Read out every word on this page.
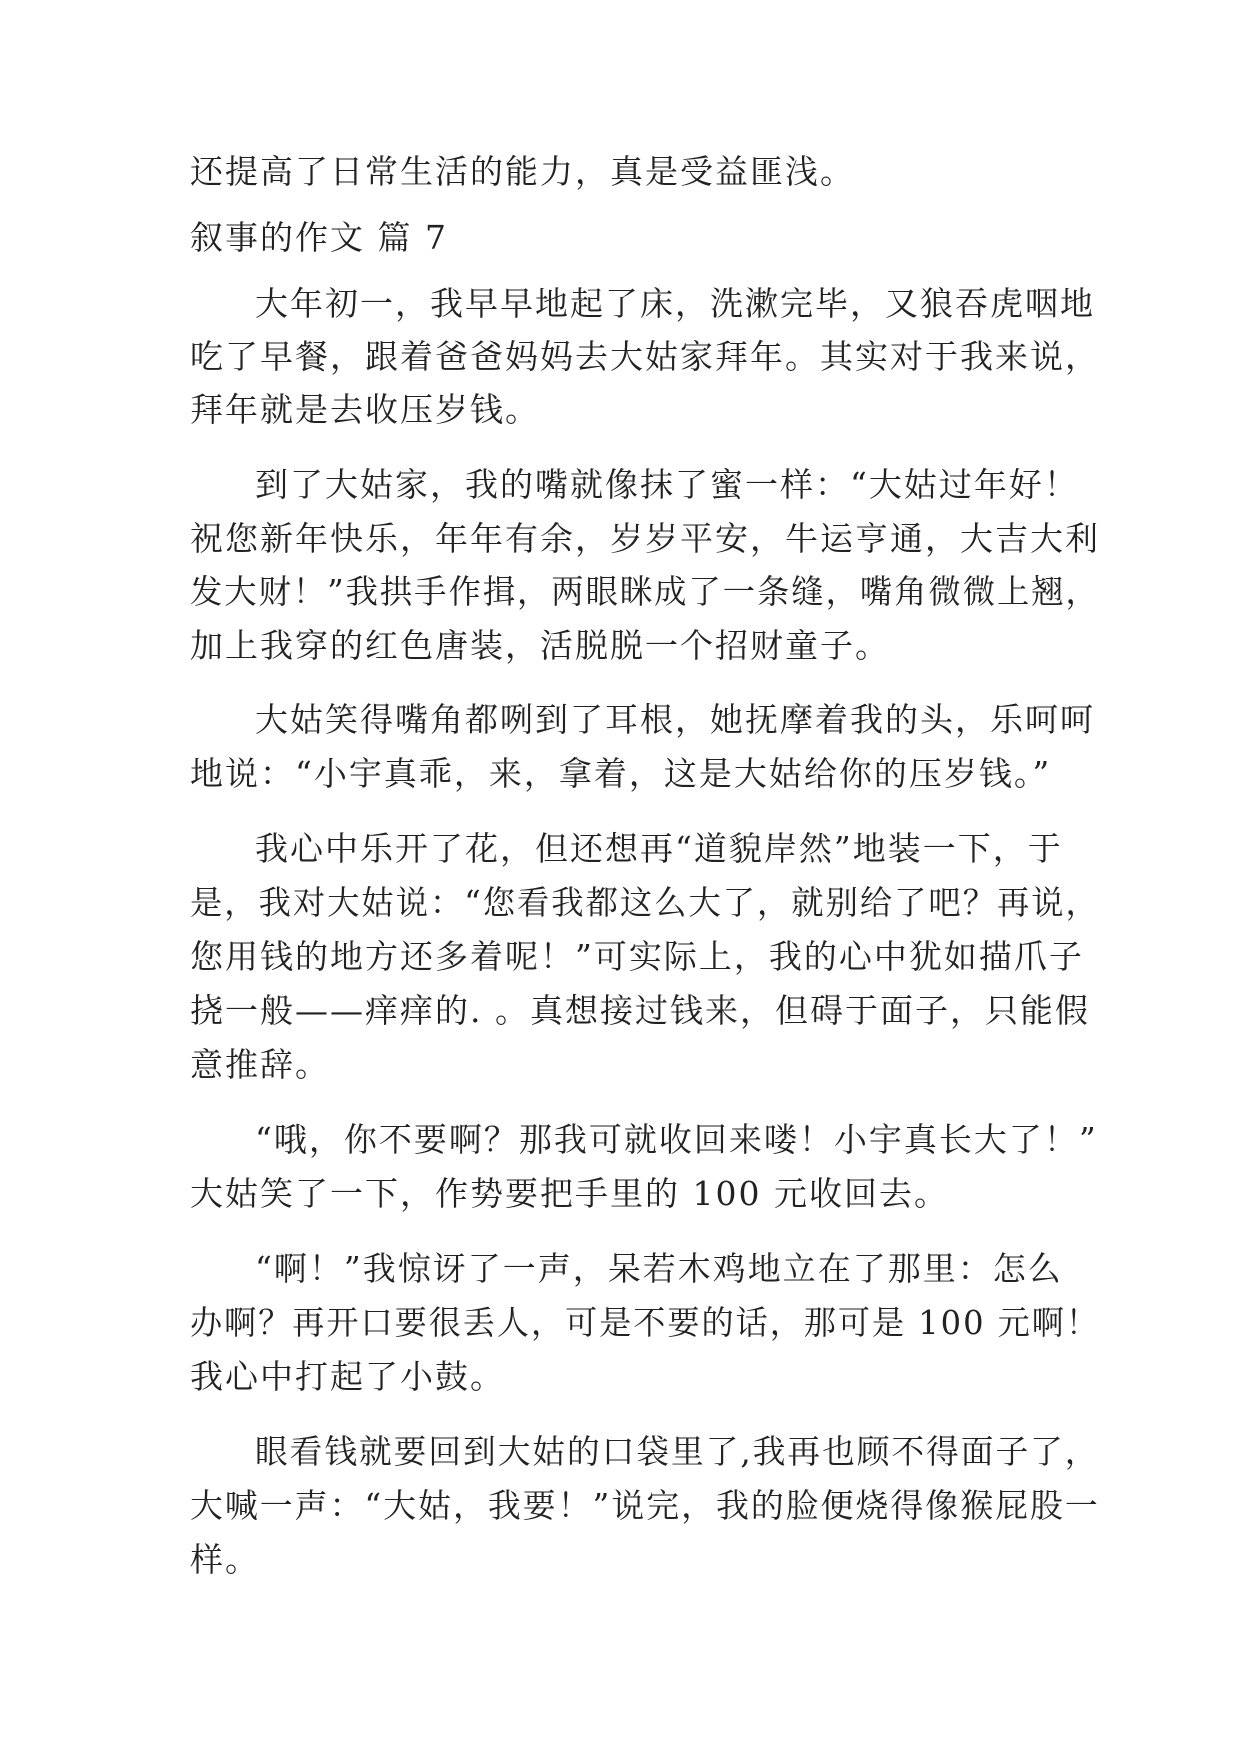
还提高了日常生活的能力，真是受益匪浅。
叙事的作文 篇 7
大年初一，我早早地起了床，洗漱完毕，又狼吞虎咽地
吃了早餐，跟着爸爸妈妈去大姑家拜年。其实对于我来说，
拜年就是去收压岁钱。
到了大姑家，我的嘴就像抹了蜜一样：“大姑过年好！
祝您新年快乐，年年有余，岁岁平安，牛运亨通，大吉大利
发大财！”我拱手作揖，两眼眯成了一条缝，嘴角微微上翘，
加上我穿的红色唐装，活脱脱一个招财童子。
大姑笑得嘴角都咧到了耳根，她抚摩着我的头，乐呵呵
地说：“小宇真乖，来，拿着，这是大姑给你的压岁钱。”
我心中乐开了花，但还想再“道貌岸然”地装一下，于
是，我对大姑说：“您看我都这么大了，就别给了吧？再说，
您用钱的地方还多着呢！”可实际上，我的心中犹如描爪子
挠一般——痒痒的. 。真想接过钱来，但碍于面子，只能假
意推辞。
“哦，你不要啊？那我可就收回来喽！小宇真长大了！”
大姑笑了一下，作势要把手里的 100 元收回去。
“啊！”我惊讶了一声，呆若木鸡地立在了那里：怎么
办啊？再开口要很丢人，可是不要的话，那可是 100 元啊！
我心中打起了小鼓。
眼看钱就要回到大姑的口袋里了,我再也顾不得面子了，
大喊一声：“大姑，我要！”说完，我的脸便烧得像猴屁股一
样。
